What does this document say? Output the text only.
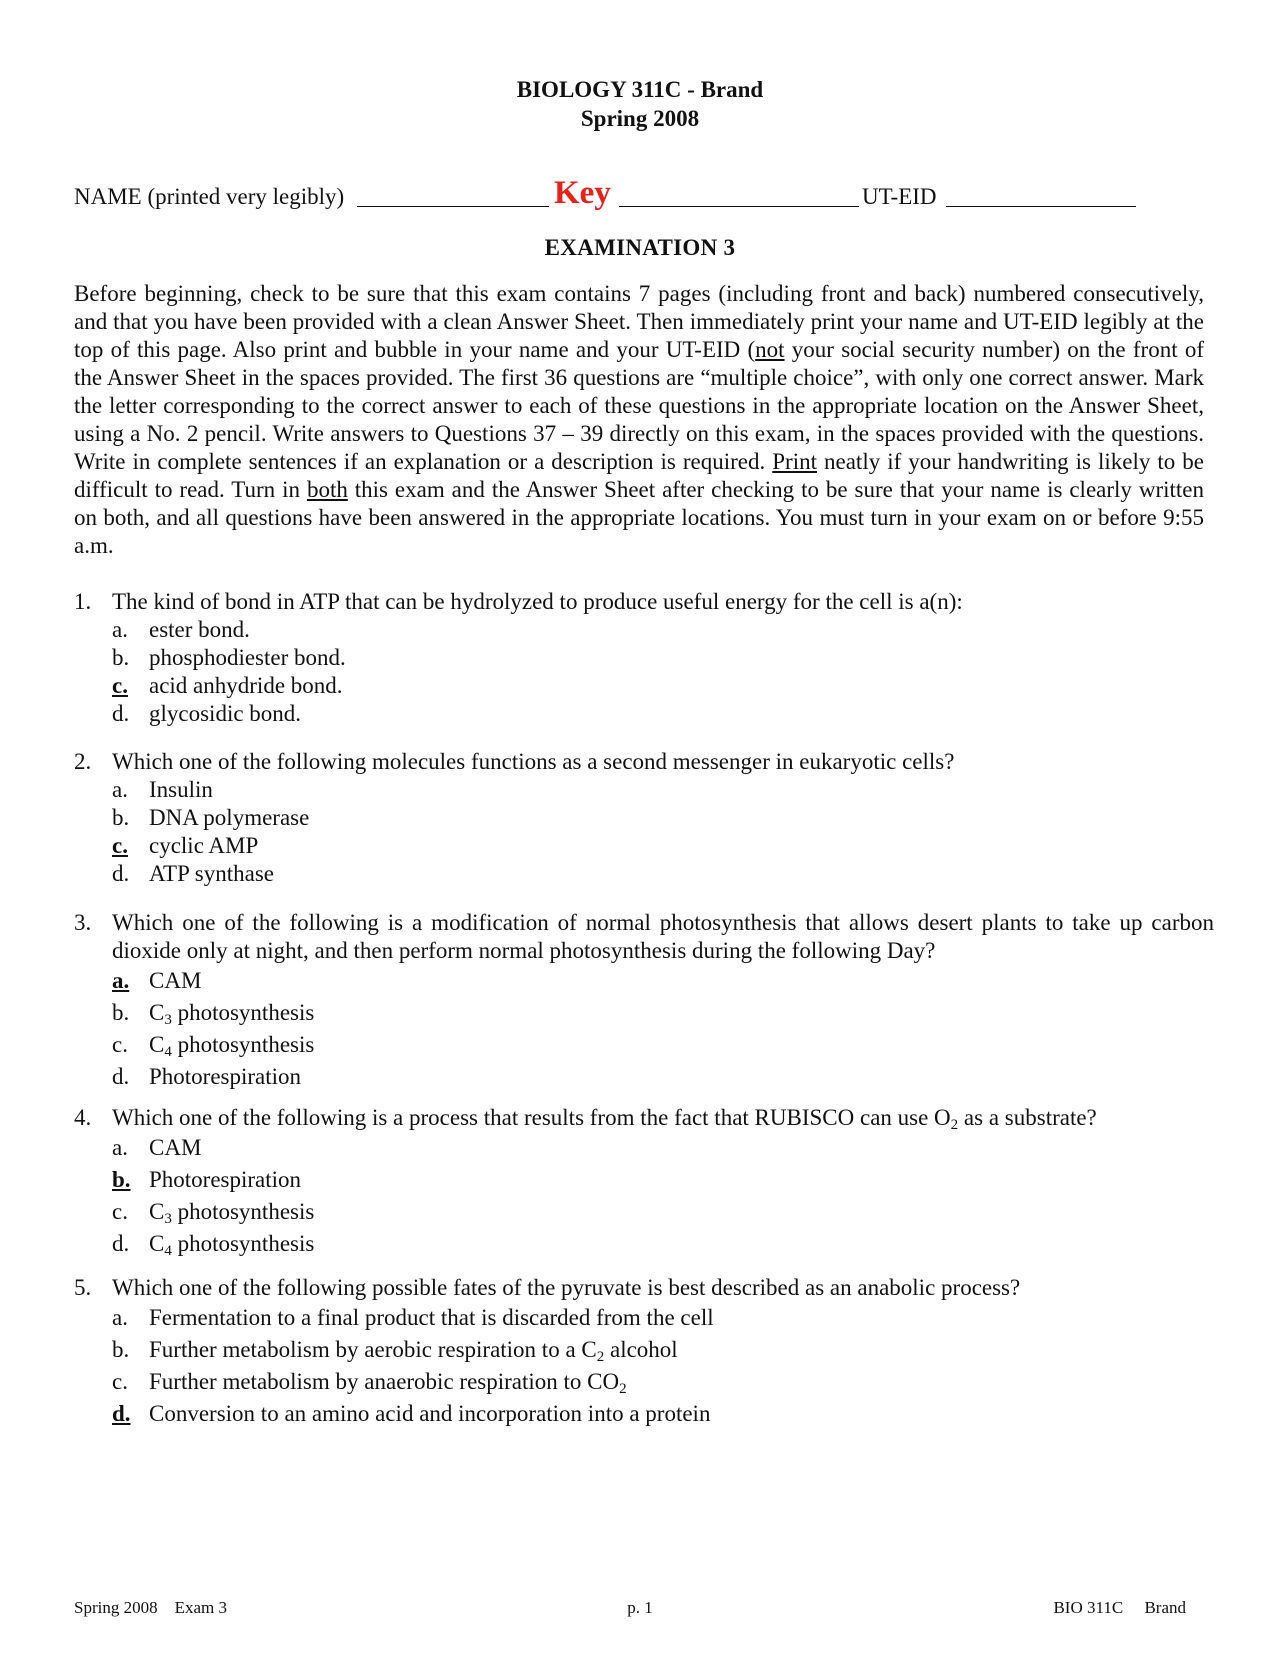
BIOLOGY 311C - Brand
Spring 2008
NAME (printed very legibly)	Key	UT-EID
EXAMINATION 3

Before beginning, check to be sure that this exam contains 7 pages (including front and back) numbered consecutively, and that you have been provided with a clean Answer Sheet. Then immediately print your name and UT-EID legibly at the top of this page. Also print and bubble in your name and your UT-EID (not your social security number) on the front of the Answer Sheet in the spaces provided. The first 36 questions are “multiple choice”, with only one correct answer. Mark the letter corresponding to the correct answer to each of these questions in the appropriate location on the Answer Sheet, using a No. 2 pencil. Write answers to Questions 37 – 39 directly on this exam, in the spaces provided with the questions. Write in complete sentences if an explanation or a description is required. Print neatly if your handwriting is likely to be difficult to read. Turn in both this exam and the Answer Sheet after checking to be sure that your name is clearly written on both, and all questions have been answered in the appropriate locations. You must turn in your exam on or before 9:55 a.m.

1. The kind of bond in ATP that can be hydrolyzed to produce useful energy for the cell is a(n):
a. ester bond.
b. phosphodiester bond.
c. acid anhydride bond.
d. glycosidic bond.
2. Which one of the following molecules functions as a second messenger in eukaryotic cells?
a. Insulin
b. DNA polymerase
c. cyclic AMP
d. ATP synthase
3. Which one of the following is a modification of normal photosynthesis that allows desert plants to take up carbon dioxide only at night, and then perform normal photosynthesis during the following Day?
a. CAM
b. $C_3$ photosynthesis
c. $C_4$ photosynthesis
d. Photorespiration
4. Which one of the following is a process that results from the fact that RUBISCO can use $O_2$ as a substrate?
a. CAM
b. Photorespiration
c. $C_3$ photosynthesis
d. $C_4$ photosynthesis
5. Which one of the following possible fates of the pyruvate is best described as an anabolic process?
a. Fermentation to a final product that is discarded from the cell
b. Further metabolism by aerobic respiration to a $C_2$ alcohol
c. Further metabolism by anaerobic respiration to $CO_2$
d. Conversion to an amino acid and incorporation into a protein
Spring 2008    Exam 3	p. 1	BIO 311C     Brand
